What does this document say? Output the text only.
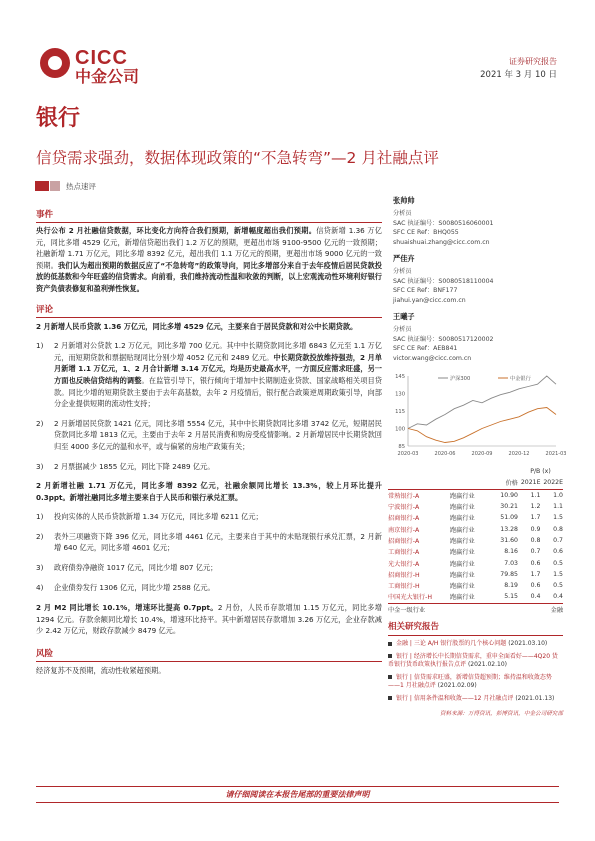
CICC
中金公司
证券研究报告
2021 年 3 月 10 日
银行
信贷需求强劲，数据体现政策的“不急转弯”—2 月社融点评
热点速评
事件
央行公布 2 月社融信贷数据，环比变化方向符合我们预期，新增幅度超出我们预期。信贷新增 1.36 万亿元，同比多增 4529 亿元，新增信贷超出我们 1.2 万亿的预期，更超出市场 9100-9500 亿元的一致预期；社融新增 1.71 万亿元，同比多增 8392 亿元，超出我们 1.1 万亿元的预期，更超出市场 9000 亿元的一致预期。我们认为超出预期的数据反应了“不急转弯”的政策导向，同比多增部分来自于去年疫情后居民贷款投放的低基数和今年旺盛的信贷需求。向前看，我们维持流动性温和收敛的判断，以上宏观流动性环境利好银行资产负债表修复和盈利弹性恢复。
评论
2 月新增人民币贷款 1.36 万亿元，同比多增 4529 亿元，主要来自于居民贷款和对公中长期贷款。
1) 2 月新增对公贷款 1.2 万亿元，同比多增 700 亿元。其中中长期贷款同比多增 6843 亿元至 1.1 万亿元，而短期贷款和票据贴现同比分别少增 4052 亿元和 2489 亿元。中长期贷款投放维持强劲，2 月单月新增 1.1 万亿元，1、2 月合计新增 3.14 万亿元，均是历史最高水平，一方面反应需求旺盛，另一方面也反映信贷结构的调整。在监管引导下，银行倾向于增加中长期制造业贷款、国家战略相关项目贷款。同比少增的短期贷款主要由于去年高基数，去年 2 月疫情后，银行配合政策逆周期政策引导，向部分企业提供短期的流动性支持；
2) 2 月新增居民贷款 1421 亿元，同比多增 5554 亿元，其中中长期贷款同比多增 3742 亿元，短期居民贷款同比多增 1813 亿元，主要由于去年 2 月居民消费和购房受疫情影响。2 月新增居民中长期贷款回归至 4000 多亿元的温和水平，或与偏紧的房地产政策有关；
3) 2 月票据减少 1855 亿元，同比下降 2489 亿元。
2 月新增社融 1.71 万亿元，同比多增 8392 亿元，社融余额同比增长 13.3%，较上月环比提升 0.3ppt。新增社融同比多增主要来自于人民币和银行承兑汇票。
1) 投向实体的人民币贷款新增 1.34 万亿元，同比多增 6211 亿元；
2) 表外三项融资下降 396 亿元，同比多增 4461 亿元，主要来自于其中的未贴现银行承兑汇票，2 月新增 640 亿元，同比多增 4601 亿元；
3) 政府债券净融资 1017 亿元，同比少增 807 亿元；
4) 企业债券发行 1306 亿元，同比少增 2588 亿元。
2 月 M2 同比增长 10.1%，增速环比提高 0.7ppt。2 月份，人民币存款增加 1.15 万亿元，同比多增 1294 亿元。存款余额同比增长 10.4%，增速环比持平。其中新增居民存款增加 3.26 万亿元，企业存款减少 2.42 万亿元，财政存款减少 8479 亿元。
风险
经济复苏不及预期，流动性收紧超预期。
张帅帅
分析员
SAC 执证编号：S0080516060001
SFC CE Ref：BHQ055
shuaishuai.zhang@cicc.com.cn
严佳卉
分析员
SAC 执证编号：S0080518110004
SFC CE Ref：BNF177
jiahui.yan@cicc.com.cn
王曦子
分析员
SAC 执证编号：S0080517120002
SFC CE Ref：AEB841
victor.wang@cicc.com.cn
85
100
115
130
145
2020-03	2020-06	2020-09	2020-12	2021-03
沪深300	中金银行
			P/B (x)	
		价格	2021E	2022E
常熟银行-A	跑赢行业	10.90	1.1	1.0
宁波银行-A	跑赢行业	30.21	1.2	1.1
招商银行-A	跑赢行业	51.09	1.7	1.5
南京银行-A	跑赢行业	13.28	0.9	0.8
招商银行-A	跑赢行业	31.60	0.8	0.7
工商银行-A	跑赢行业	8.16	0.7	0.6
光大银行-A	跑赢行业	7.03	0.6	0.5
招商银行-H	跑赢行业	79.85	1.7	1.5
工商银行-H	跑赢行业	8.19	0.6	0.5
中国光大银行-H	跑赢行业	5.15	0.4	0.4
中金一级行业				金融
相关研究报告
金融 | 三论 A/H 银行股票的几个核心问题 (2021.03.10)
银行 | 经济增长中长期信贷需求，重申全面看好——4Q20 货币银行货币政策执行报告点评 (2021.02.10)
银行 | 信贷需求旺盛，新增信贷超预期；维持温和收敛态势——1 月社融点评 (2021.02.09)
银行 | 信用条件温和收敛——12 月社融点评 (2021.01.13)
资料来源：万得资讯，彭博资讯，中金公司研究部
请仔细阅读在本报告尾部的重要法律声明
